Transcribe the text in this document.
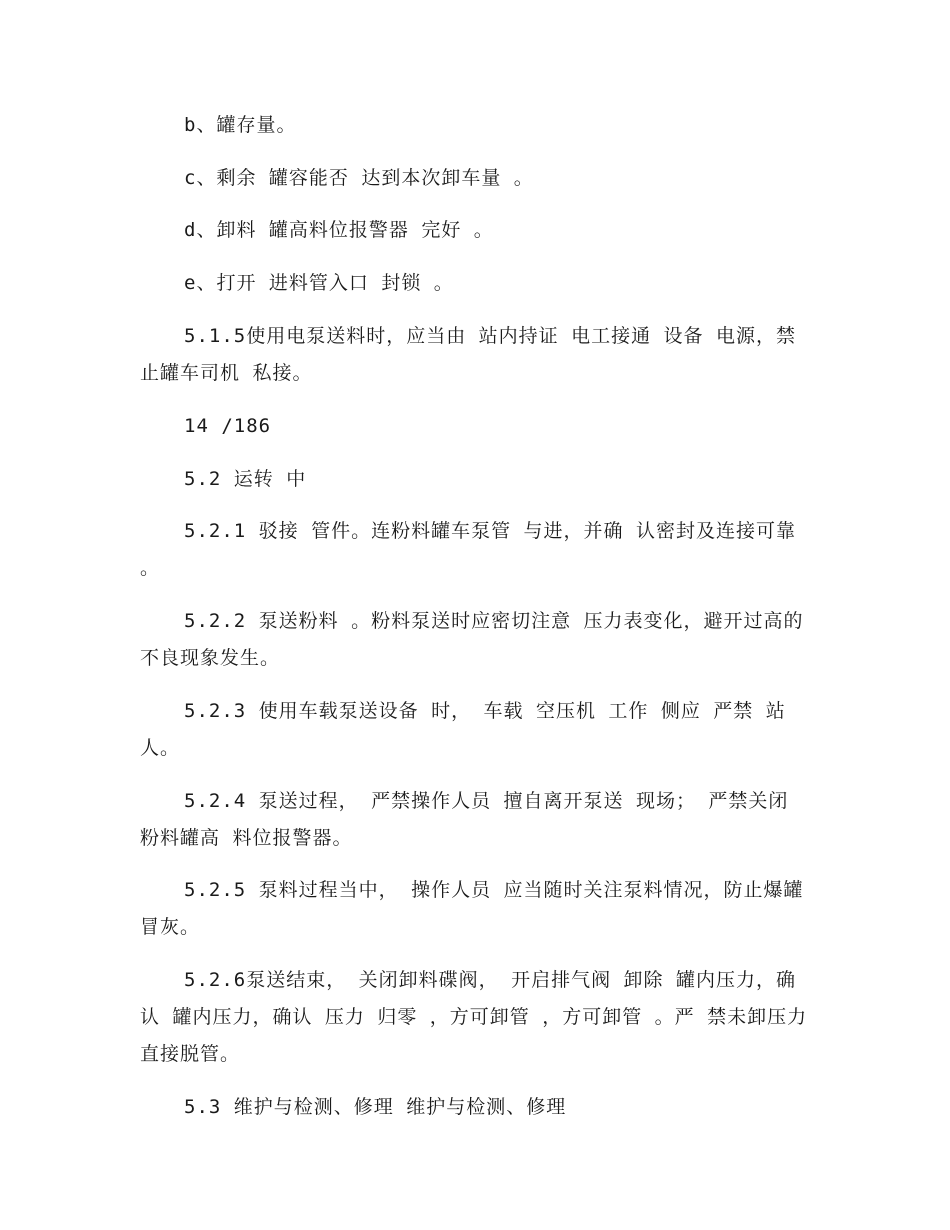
b、罐存量。

c、剩余 罐容能否 达到本次卸车量 。

d、卸料 罐高料位报警器 完好 。

e、打开 进料管入口 封锁 。

5.1.5使用电泵送料时，应当由 站内持证 电工接通 设备 电源，禁止罐车司机 私接。

14 /186

5.2 运转 中

5.2.1 驳接 管件。连粉料罐车泵管 与进，并确 认密封及连接可靠 。

5.2.2 泵送粉料 。粉料泵送时应密切注意 压力表变化，避开过高的不良现象发生。

5.2.3 使用车载泵送设备 时， 车载 空压机 工作 侧应 严禁 站人。

5.2.4 泵送过程， 严禁操作人员 擅自离开泵送 现场； 严禁关闭 粉料罐高 料位报警器。

5.2.5 泵料过程当中， 操作人员 应当随时关注泵料情况，防止爆罐冒灰。

5.2.6泵送结束， 关闭卸料碟阀， 开启排气阀 卸除 罐内压力，确认 罐内压力，确认 压力 归零 ，方可卸管 ，方可卸管 。严 禁未卸压力直接脱管。

5.3 维护与检测、修理 维护与检测、修理
